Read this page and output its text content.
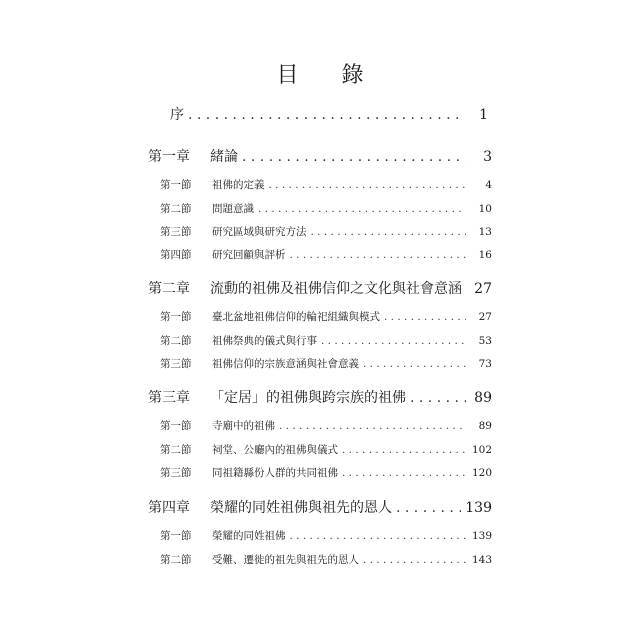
目 錄
序 . . .	1
第一章	緒論 . . .	3
第一節	祖佛的定義 . . .	4
第二節	問題意識 . . .	10
第三節	研究區域與研究方法 . . .	13
第四節	研究回顧與評析 . . .	16
第二章	流動的祖佛及祖佛信仰之文化與社會意涵 27
第一節	臺北盆地祖佛信仰的輪祀組織與模式 . . .	27
第二節	祖佛祭典的儀式與行事 . . .	53
第三節	祖佛信仰的宗族意涵與社會意義 . . .	73
第三章	「定居」的祖佛與跨宗族的祖佛 . . .	89
第一節	寺廟中的祖佛 . . .	89
第二節	祠堂、公廳內的祖佛與儀式 . . .	102
第三節	同祖籍縣份人群的共同祖佛 . . .	120
第四章	榮耀的同姓祖佛與祖先的恩人 . . .	139
第一節	榮耀的同姓祖佛 . . .	139
第二節	受難、遷徙的祖先與祖先的恩人 . . .	143
